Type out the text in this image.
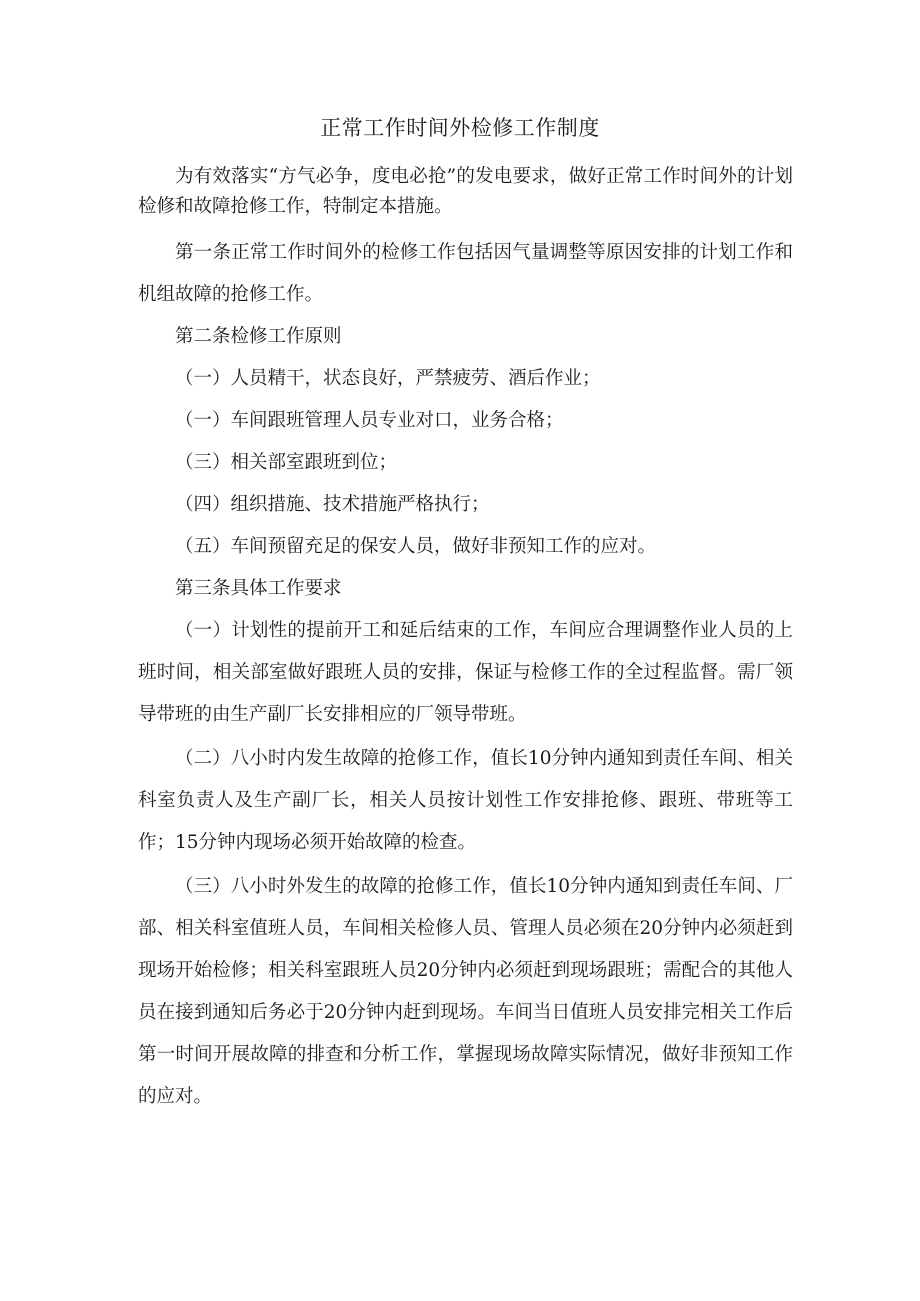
正常工作时间外检修工作制度

为有效落实“方气必争，度电必抢”的发电要求，做好正常工作时间外的计划检修和故障抢修工作，特制定本措施。

第一条正常工作时间外的检修工作包括因气量调整等原因安排的计划工作和机组故障的抢修工作。

第二条检修工作原则

（一）人员精干，状态良好，严禁疲劳、酒后作业；

（一）车间跟班管理人员专业对口，业务合格；

（三）相关部室跟班到位；

（四）组织措施、技术措施严格执行；

（五）车间预留充足的保安人员，做好非预知工作的应对。

第三条具体工作要求

（一）计划性的提前开工和延后结束的工作，车间应合理调整作业人员的上班时间，相关部室做好跟班人员的安排，保证与检修工作的全过程监督。需厂领导带班的由生产副厂长安排相应的厂领导带班。

（二）八小时内发生故障的抢修工作，值长10分钟内通知到责任车间、相关科室负责人及生产副厂长，相关人员按计划性工作安排抢修、跟班、带班等工作；15分钟内现场必须开始故障的检查。

（三）八小时外发生的故障的抢修工作，值长10分钟内通知到责任车间、厂部、相关科室值班人员，车间相关检修人员、管理人员必须在20分钟内必须赶到现场开始检修；相关科室跟班人员20分钟内必须赶到现场跟班；需配合的其他人员在接到通知后务必于20分钟内赶到现场。车间当日值班人员安排完相关工作后第一时间开展故障的排查和分析工作，掌握现场故障实际情况，做好非预知工作的应对。
